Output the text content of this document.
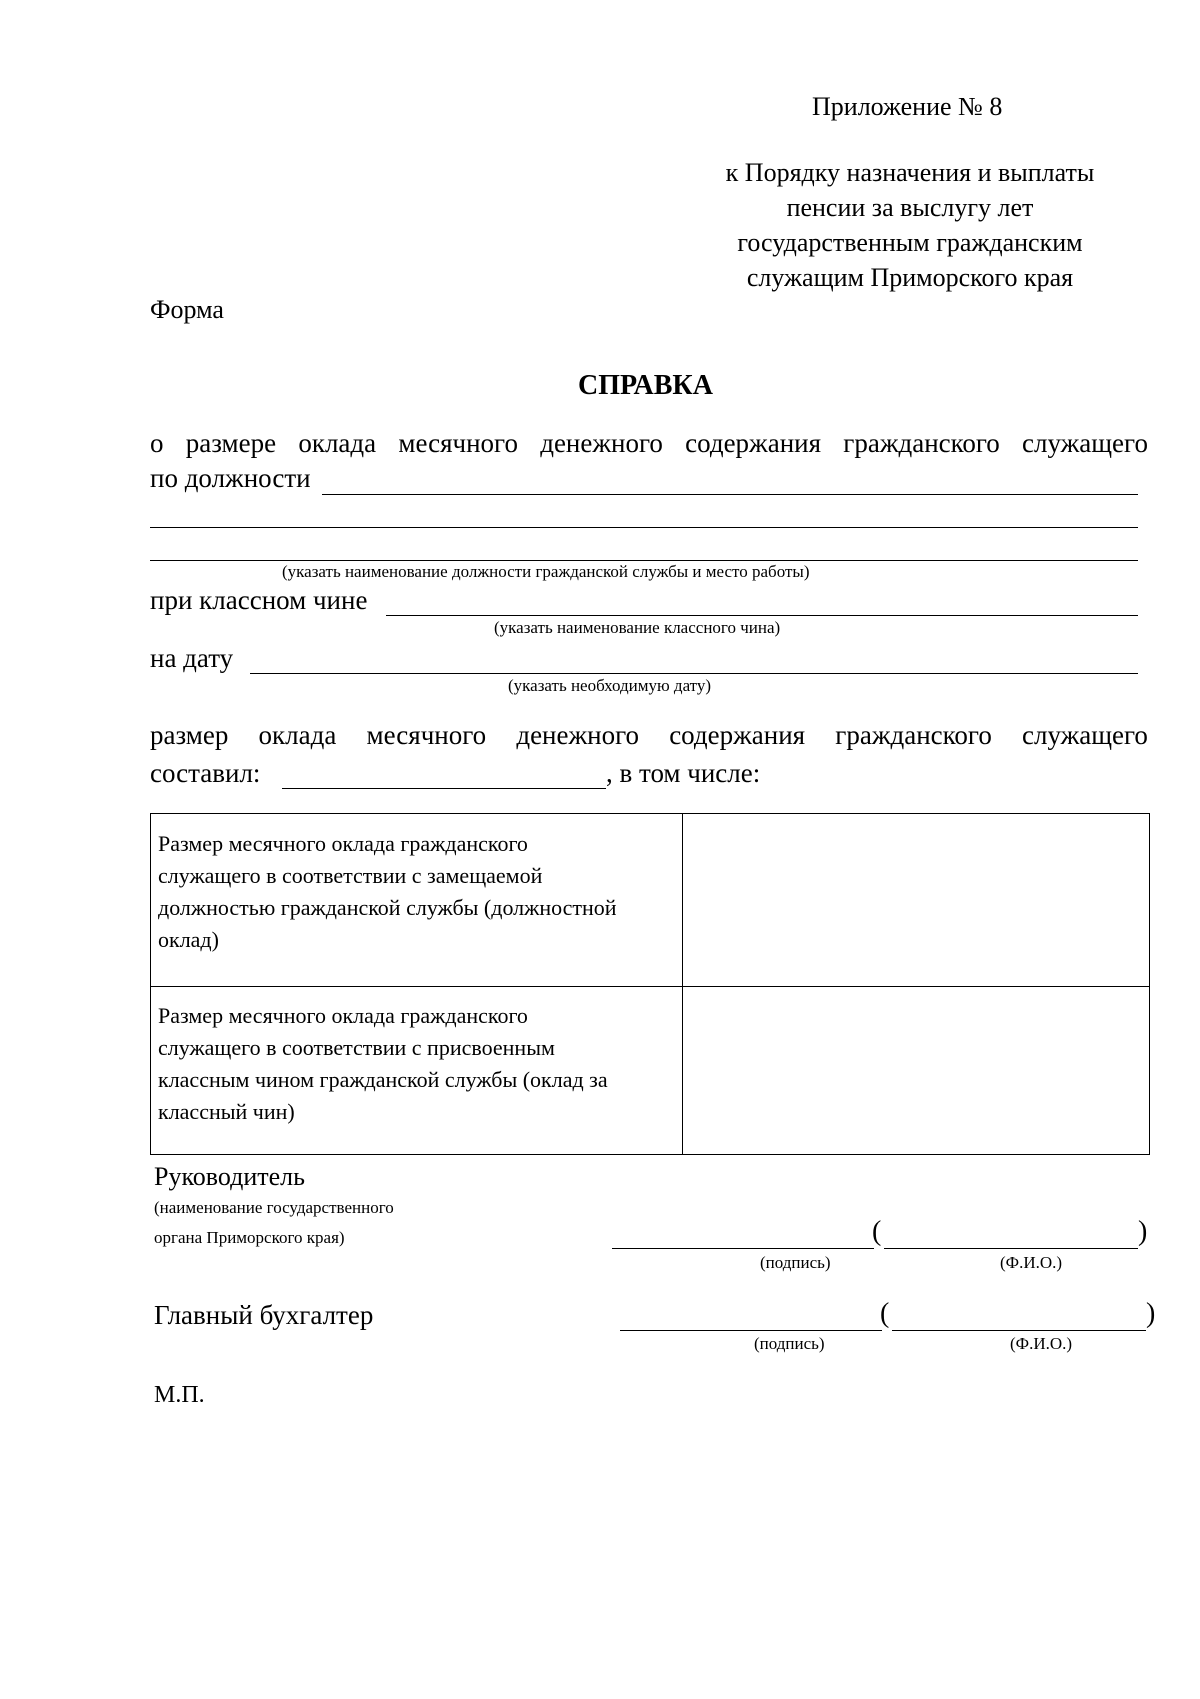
Приложение № 8
к Порядку назначения и выплаты
пенсии за выслугу лет
государственным гражданским
служащим Приморского края
Форма
СПРАВКА
о размере оклада месячного денежного содержания гражданского служащего
по должности
(указать наименование должности гражданской службы и место работы)
при классном чине
(указать наименование классного чина)
на дату
(указать необходимую дату)
размер оклада месячного денежного содержания гражданского служащего
составил:	, в том числе:
Размер месячного оклада гражданского
служащего в соответствии с замещаемой
должностью гражданской службы (должностной
оклад)
Размер месячного оклада гражданского
служащего в соответствии с присвоенным
классным чином гражданской службы (оклад за
классный чин)
Руководитель
(наименование государственного
органа Приморского края)	(	)
(подпись)	(Ф.И.О.)
Главный бухгалтер	(	)
(подпись)	(Ф.И.О.)
М.П.
